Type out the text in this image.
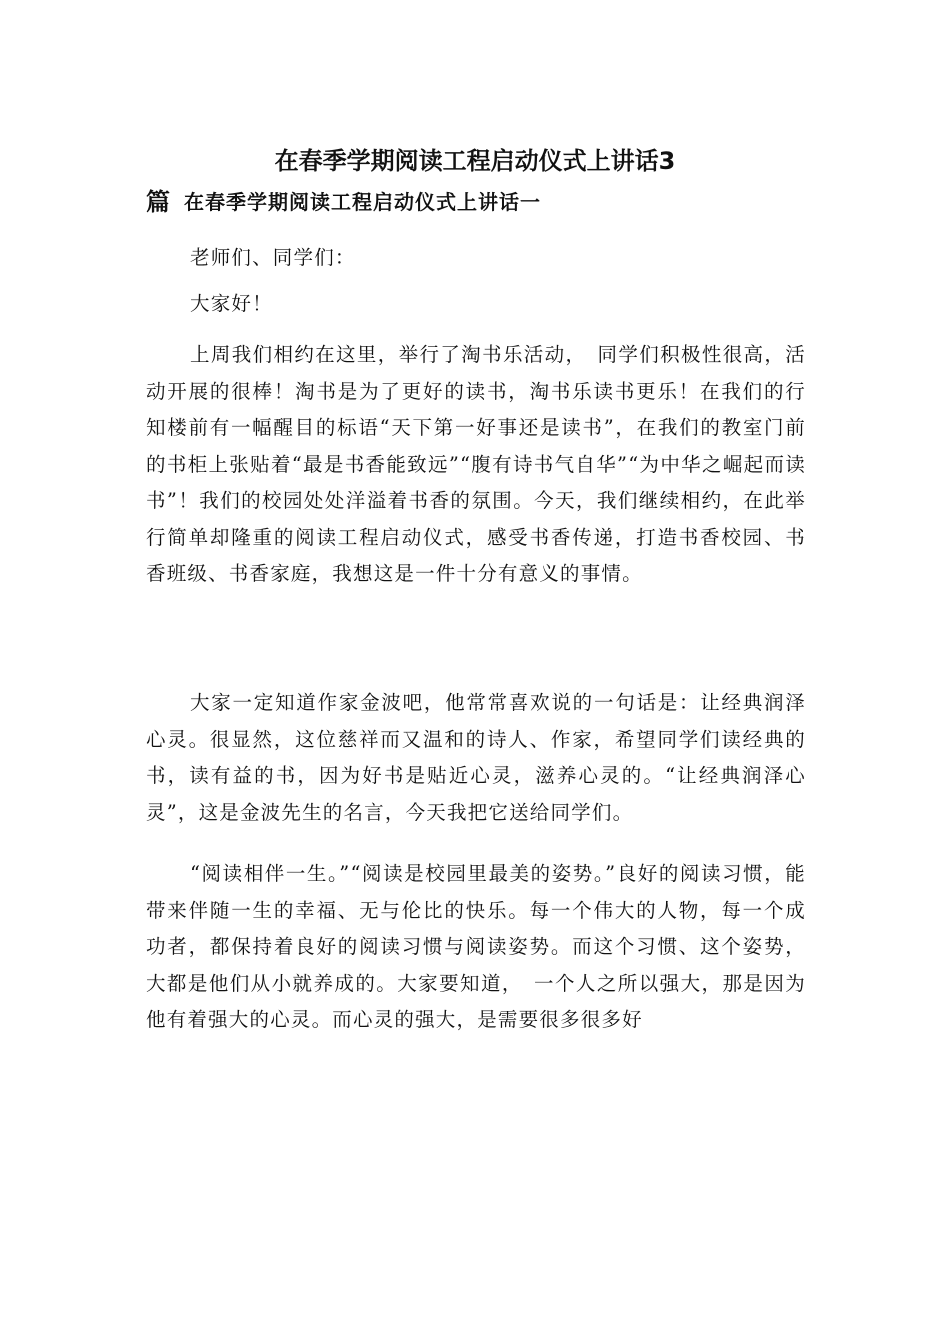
在春季学期阅读工程启动仪式上讲话3
篇 在春季学期阅读工程启动仪式上讲话一
老师们、同学们：
大家好！
上周我们相约在这里，举行了淘书乐活动，　同学们积极性很高，活动开展的很棒！淘书是为了更好的读书，淘书乐读书更乐！在我们的行知楼前有一幅醒目的标语“天下第一好事还是读书”，在我们的教室门前的书柜上张贴着“最是书香能致远”“腹有诗书气自华”“为中华之崛起而读书”！我们的校园处处洋溢着书香的氛围。今天，我们继续相约，在此举行简单却隆重的阅读工程启动仪式，感受书香传递，打造书香校园、书香班级、书香家庭，我想这是一件十分有意义的事情。
大家一定知道作家金波吧，他常常喜欢说的一句话是：让经典润泽心灵。很显然，这位慈祥而又温和的诗人、作家，希望同学们读经典的书，读有益的书，因为好书是贴近心灵，滋养心灵的。“让经典润泽心灵”，这是金波先生的名言，今天我把它送给同学们。
“阅读相伴一生。”“阅读是校园里最美的姿势。”良好的阅读习惯，能带来伴随一生的幸福、无与伦比的快乐。每一个伟大的人物，每一个成功者，都保持着良好的阅读习惯与阅读姿势。而这个习惯、这个姿势，大都是他们从小就养成的。大家要知道，　一个人之所以强大，那是因为他有着强大的心灵。而心灵的强大，是需要很多很多好
